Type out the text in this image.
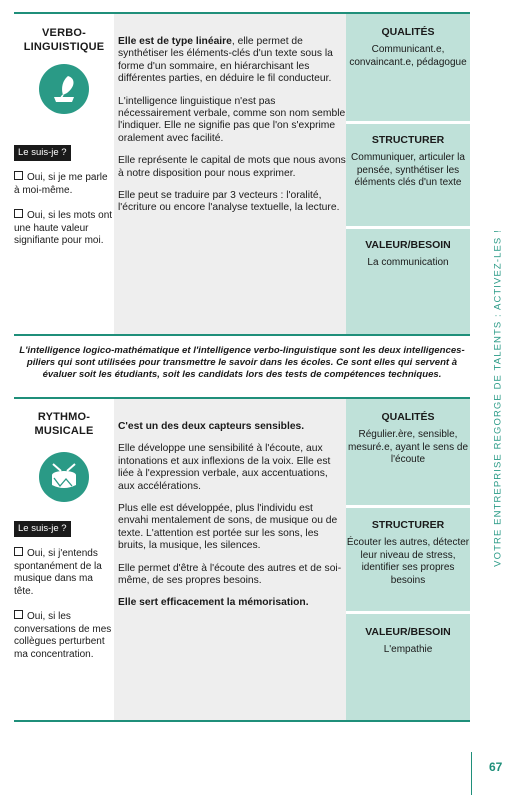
VERBO-
LINGUISTIQUE
Le suis-je ?
Oui, si je me parle à moi-même.
Oui, si les mots ont une haute valeur signifiante pour moi.

Elle est de type linéaire, elle permet de synthétiser les éléments-clés d'un texte sous la forme d'un sommaire, en hiérarchisant les différentes parties, en déduire le fil conducteur.

L'intelligence linguistique n'est pas nécessairement verbale, comme son nom semble l'indiquer. Elle ne signifie pas que l'on s'exprime oralement avec facilité.

Elle représente le capital de mots que nous avons à notre disposition pour nous exprimer.

Elle peut se traduire par 3 vecteurs : l'oralité, l'écriture ou encore l'analyse textuelle, la lecture.

QUALITÉS
Communicant.e, convaincant.e, pédagogue
STRUCTURER
Communiquer, articuler la pensée, synthétiser les éléments clés d'un texte
VALEUR/BESOIN
La communication
L'intelligence logico-mathématique et l'intelligence verbo-linguistique sont les deux intelligences-piliers qui sont utilisées pour transmettre le savoir dans les écoles. Ce sont elles qui servent à évaluer soit les étudiants, soit les candidats lors des tests de compétences techniques.
RYTHMO-
MUSICALE
Le suis-je ?
Oui, si j'entends spontanément de la musique dans ma tête.
Oui, si les conversations de mes collègues perturbent ma concentration.

C'est un des deux capteurs sensibles.

Elle développe une sensibilité à l'écoute, aux intonations et aux inflexions de la voix. Elle est liée à l'expression verbale, aux accentuations, aux accélérations.

Plus elle est développée, plus l'individu est envahi mentalement de sons, de musique ou de texte. L'attention est portée sur les sons, les bruits, la musique, les silences.

Elle permet d'être à l'écoute des autres et de soi-même, de ses propres besoins.

Elle sert efficacement la mémorisation.

QUALITÉS
Régulier.ère, sensible, mesuré.e, ayant le sens de l'écoute
STRUCTURER
Écouter les autres, détecter leur niveau de stress, identifier ses propres besoins
VALEUR/BESOIN
L'empathie
VOTRE ENTREPRISE REGORGE DE TALENTS : ACTIVEZ-LES !
67
